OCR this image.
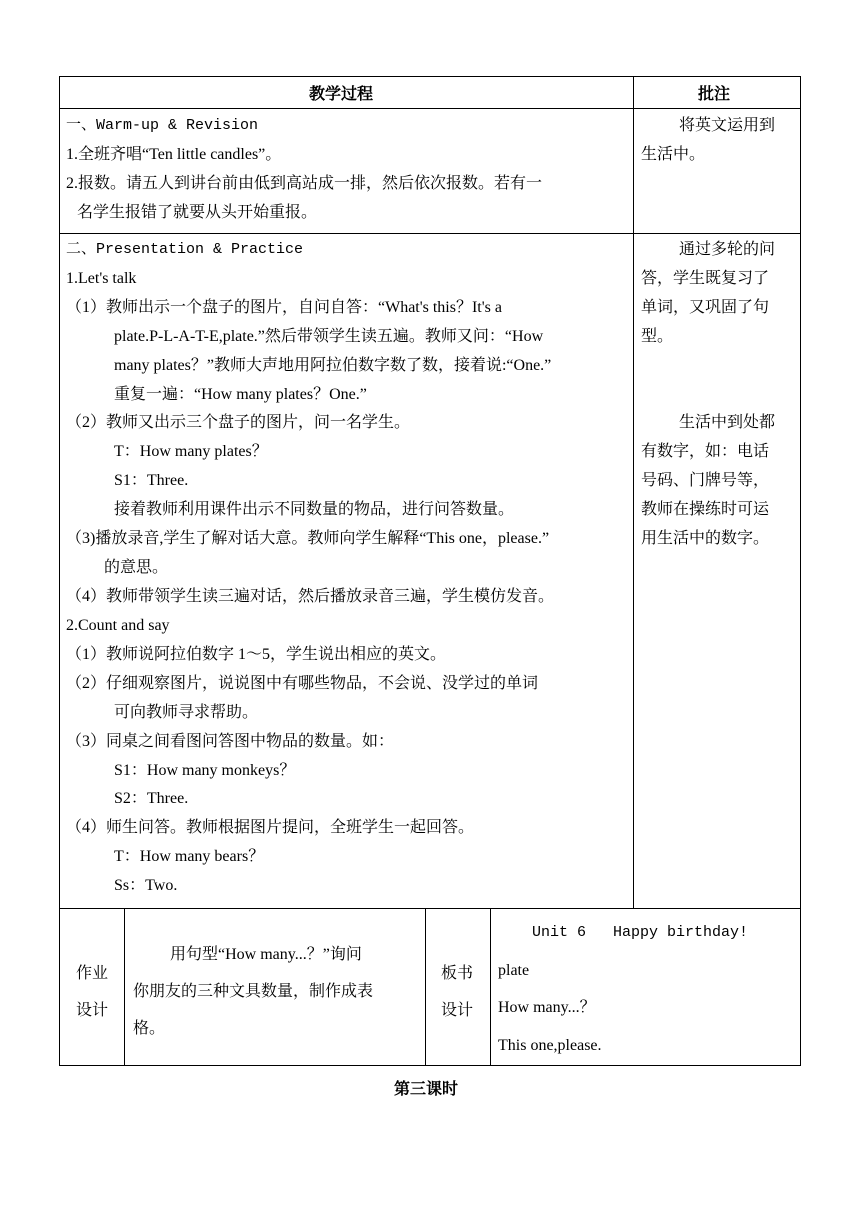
教学过程	批注
一、Warm-up & Revision
1.全班齐唱“Ten little candles”。
2.报数。请五人到讲台前由低到高站成一排，然后依次报数。若有一
名学生报错了就要从头开始重报。
将英文运用到
生活中。
二、Presentation & Practice
1.Let's talk
（1）教师出示一个盘子的图片，自问自答：“What's this？It's a
plate.P-L-A-T-E,plate.”然后带领学生读五遍。教师又问：“How
many plates？”教师大声地用阿拉伯数字数了数，接着说:“One.”
重复一遍：“How many plates？One.”
（2）教师又出示三个盘子的图片，问一名学生。
T：How many plates？
S1：Three.
接着教师利用课件出示不同数量的物品，进行问答数量。
（3)播放录音,学生了解对话大意。教师向学生解释“This one，please.”
的意思。
（4）教师带领学生读三遍对话，然后播放录音三遍，学生模仿发音。
2.Count and say
（1）教师说阿拉伯数字 1～5，学生说出相应的英文。
（2）仔细观察图片，说说图中有哪些物品，不会说、没学过的单词
可向教师寻求帮助。
（3）同桌之间看图问答图中物品的数量。如：
S1：How many monkeys？
S2：Three.
（4）师生问答。教师根据图片提问，全班学生一起回答。
T：How many bears？
Ss：Two.
通过多轮的问
答，学生既复习了
单词，又巩固了句
型。
生活中到处都
有数字，如：电话
号码、门牌号等，
教师在操练时可运
用生活中的数字。
作业
设计
用句型“How many...？”询问
你朋友的三种文具数量，制作成表
格。
板书
设计
Unit 6   Happy birthday!
plate
How many...？
This one,please.
第三课时
